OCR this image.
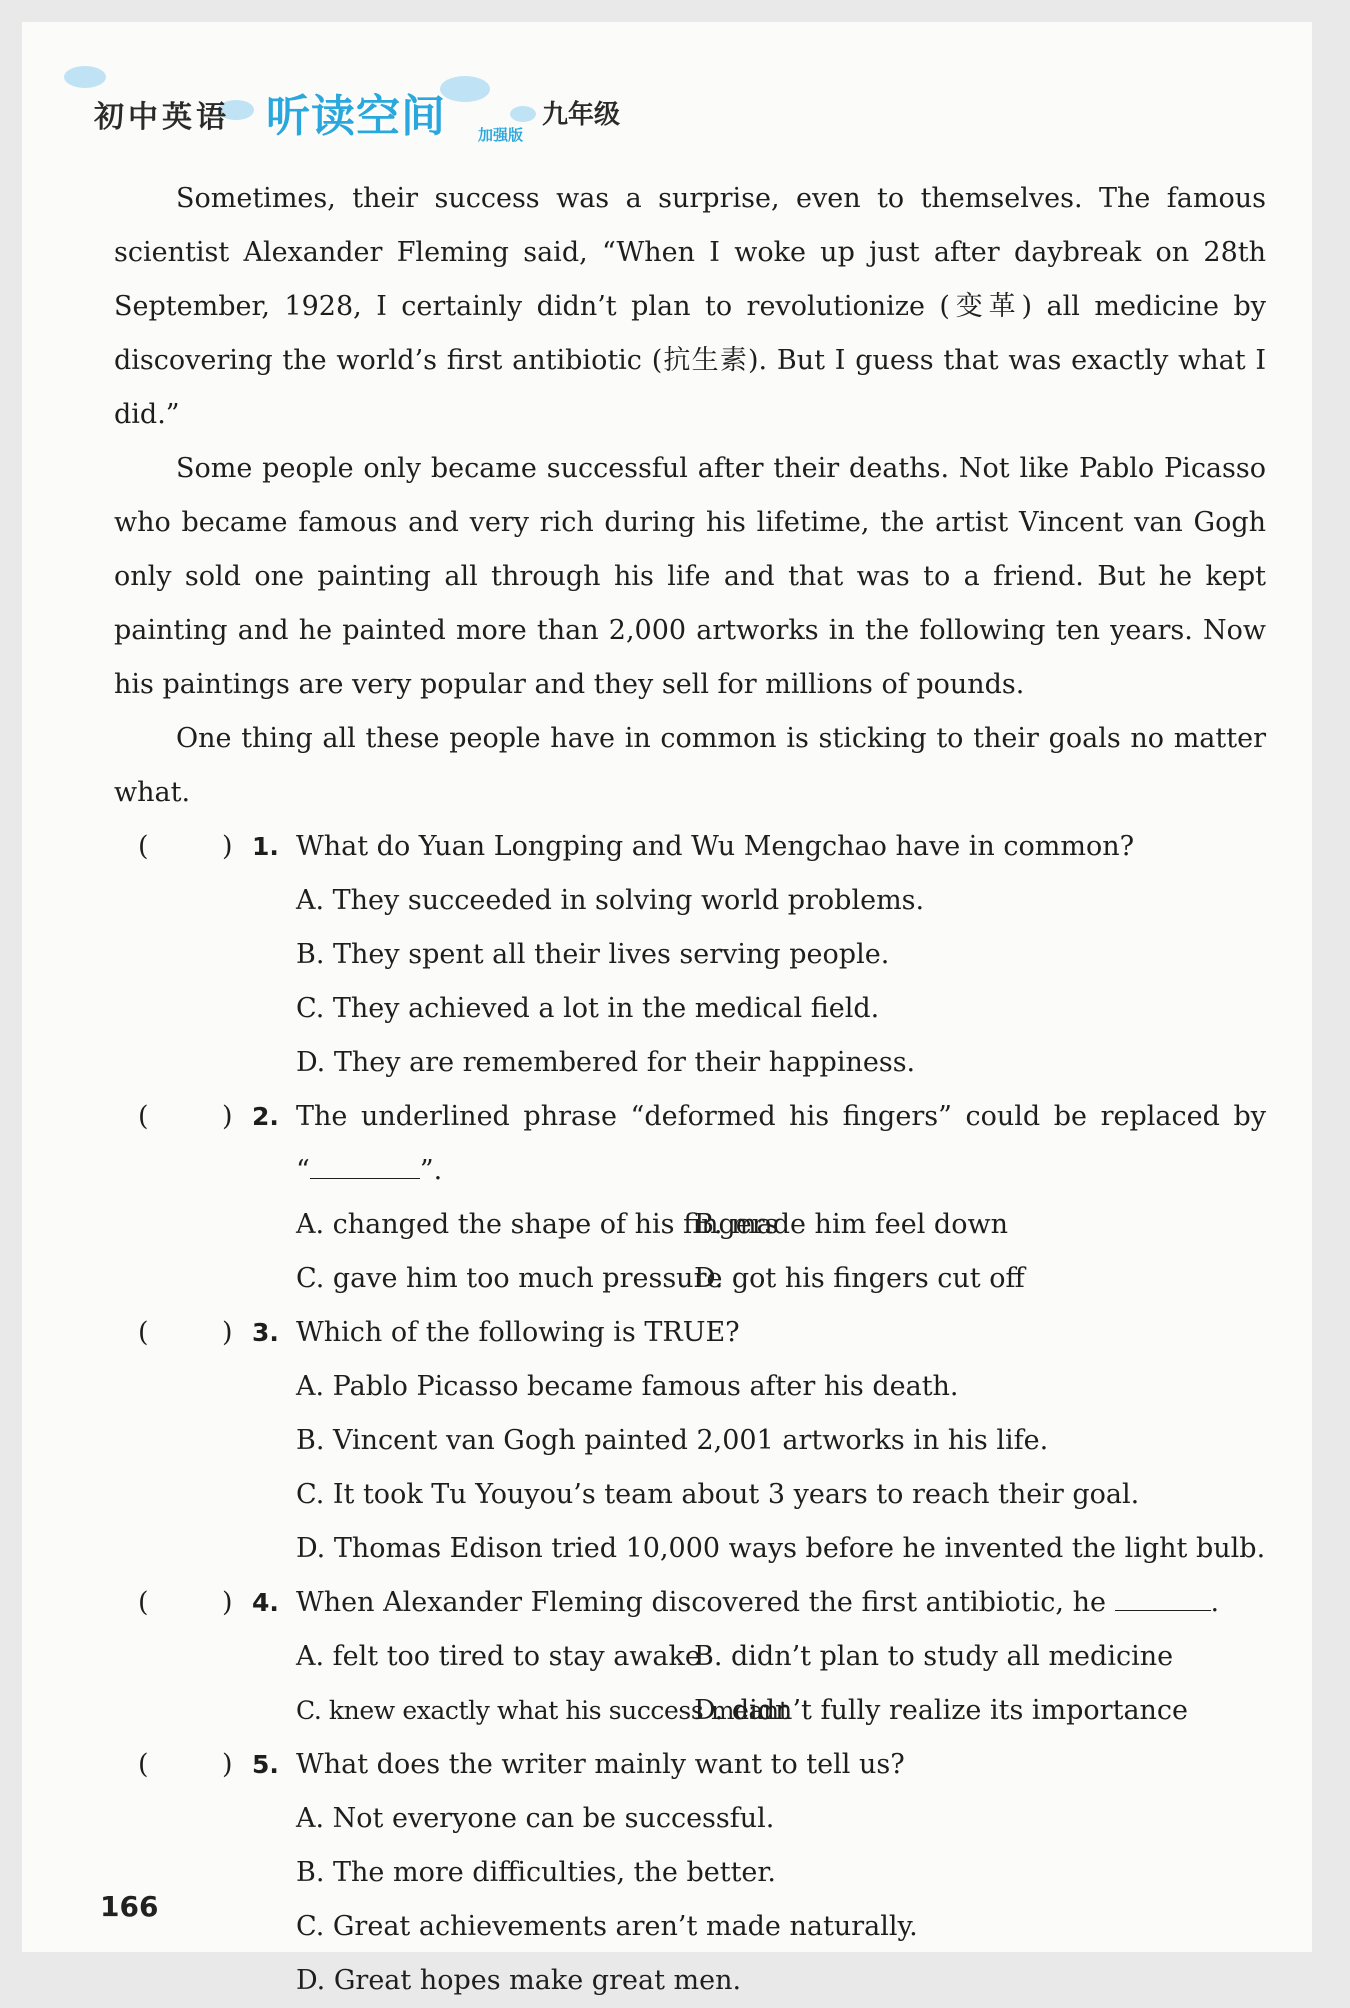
初中英语 听读空间 加强版
九年级

Sometimes, their success was a surprise, even to themselves. The famous scientist Alexander Fleming said, “When I woke up just after daybreak on 28th September, 1928, I certainly didn’t plan to revolutionize (变革) all medicine by discovering the world’s first antibiotic (抗生素). But I guess that was exactly what I did.”

Some people only became successful after their deaths. Not like Pablo Picasso who became famous and very rich during his lifetime, the artist Vincent van Gogh only sold one painting all through his life and that was to a friend. But he kept painting and he painted more than 2,000 artworks in the following ten years. Now his paintings are very popular and they sell for millions of pounds.

One thing all these people have in common is sticking to their goals no matter what.

(	) 1. What do Yuan Longping and Wu Mengchao have in common?
A. They succeeded in solving world problems.
B. They spent all their lives serving people.
C. They achieved a lot in the medical field.
D. They are remembered for their happiness.
(	) 2. The underlined phrase “deformed his fingers” could be replaced by
“	”.
A. changed the shape of his fingers
B. made him feel down
C. gave him too much pressure
D. got his fingers cut off
(	) 3. Which of the following is TRUE?
A. Pablo Picasso became famous after his death.
B. Vincent van Gogh painted 2,001 artworks in his life.
C. It took Tu Youyou’s team about 3 years to reach their goal.
D. Thomas Edison tried 10,000 ways before he invented the light bulb.
(	) 4. When Alexander Fleming discovered the first antibiotic, he	.
A. felt too tired to stay awake
B. didn’t plan to study all medicine
C. knew exactly what his success meant
D. didn’t fully realize its importance
(	) 5. What does the writer mainly want to tell us?
A. Not everyone can be successful.
B. The more difficulties, the better.
C. Great achievements aren’t made naturally.
D. Great hopes make great men.
166
